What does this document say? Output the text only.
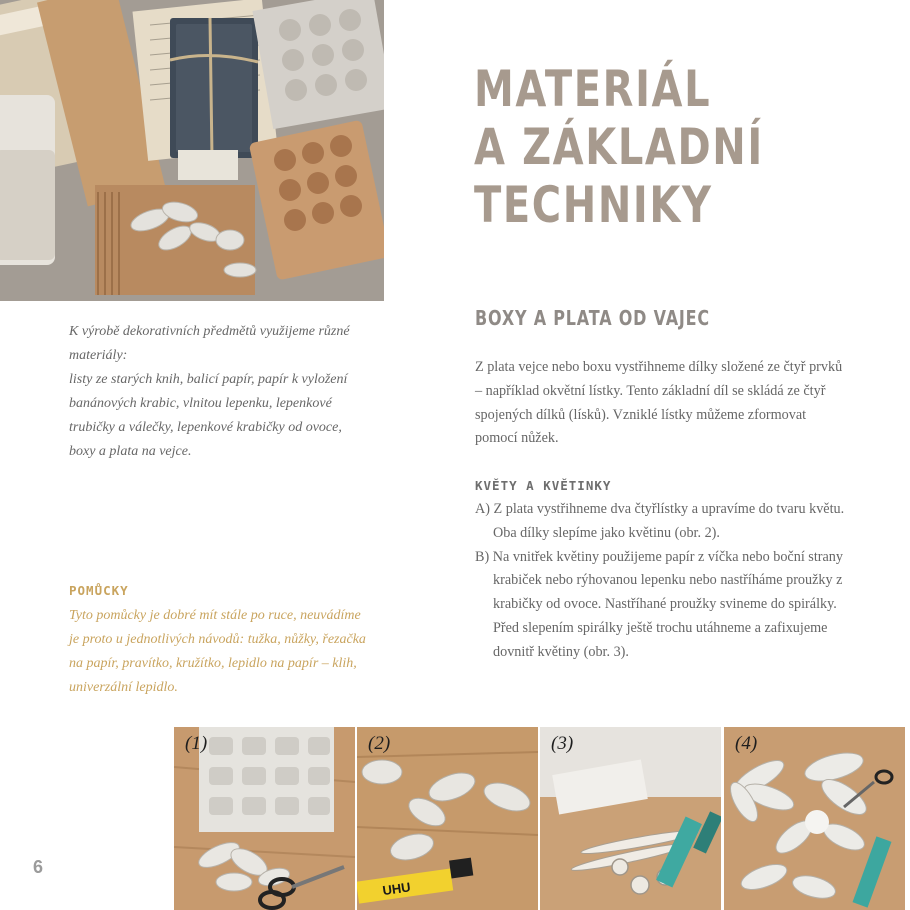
MATERIÁL
A ZÁKLADNÍ
TECHNIKY

K výrobě dekorativních předmětů využijeme různé materiály:
listy ze starých knih, balicí papír, papír k vyložení banánových krabic, vlnitou lepenku, lepenkové trubičky a válečky, lepenkové krabičky od ovoce, boxy a plata na vejce.

POMŮCKY

Tyto pomůcky je dobré mít stále po ruce, neuvádíme je proto u jednotlivých návodů: tužka, nůžky, řezačka na papír, pravítko, kružítko, lepidlo na papír – klih, univerzální lepidlo.

BOXY A PLATA OD VAJEC

Z plata vejce nebo boxu vystřihneme dílky složené ze čtyř prvků – například okvětní lístky. Tento základní díl se skládá ze čtyř spojených dílků (lísků). Vzniklé lístky můžeme zformovat pomocí nůžek.

KVĚTY A KVĚTINKY
A) Z plata vystřihneme dva čtyřlístky a upravíme do tvaru květu. Oba dílky slepíme jako květinu (obr. 2).
B) Na vnitřek květiny použijeme papír z víčka nebo boční strany krabiček nebo rýhovanou lepenku nebo nastříháme proužky z krabičky od ovoce. Nastříhané proužky svineme do spirálky. Před slepením spirálky ještě trochu utáhneme a zafixujeme dovnitř květiny (obr. 3).
6
(1)
UHU
(2)	(3)	(4)
